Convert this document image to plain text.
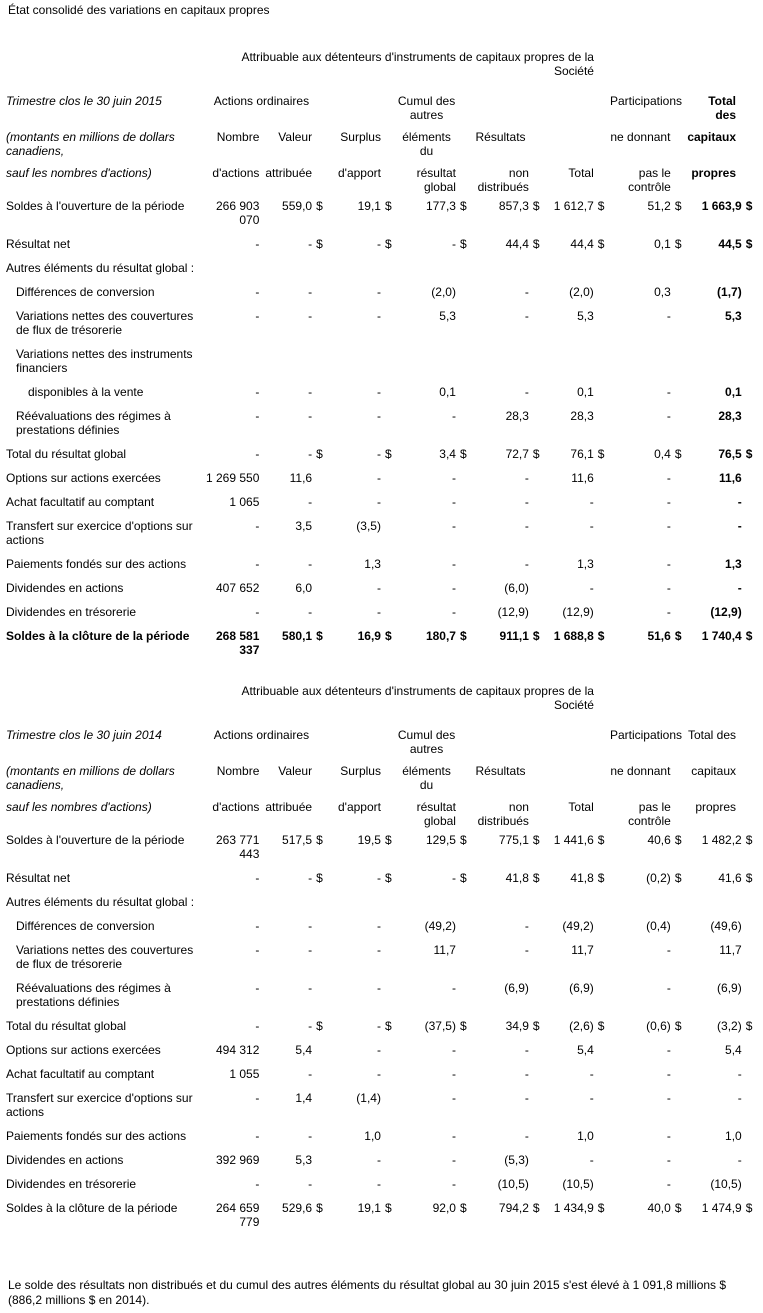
État consolidé des variations en capitaux propres
	Attribuable aux détenteurs d'instruments de capitaux propres de la Société														
Trimestre clos le 30 juin 2015	Actions ordinaires					Cumul des autres						Participations		Total des	
(montants en millions de dollars canadiens,	Nombre	Valeur		Surplus		éléments du		Résultats				ne donnant		capitaux	
sauf les nombres d'actions)	d'actions	attribuée		d'apport		résultat global		non distribués		Total		pas le contrôle		propres	
Soldes à l'ouverture de la période	266 903 070	559,0	$	19,1	$	177,3	$	857,3	$	1 612,7	$	51,2	$	1 663,9	$
Résultat net	-	-	$	-	$	-	$	44,4	$	44,4	$	0,1	$	44,5	$
Autres éléments du résultat global :															
Différences de conversion	-	-		-		(2,0)		-		(2,0)		0,3		(1,7)	
Variations nettes des couvertures de flux de trésorerie	-	-		-		5,3		-		5,3		-		5,3	
Variations nettes des instruments financiers															
disponibles à la vente	-	-		-		0,1		-		0,1		-		0,1	
Réévaluations des régimes à prestations définies	-	-		-		-		28,3		28,3		-		28,3	
Total du résultat global	-	-	$	-	$	3,4	$	72,7	$	76,1	$	0,4	$	76,5	$
Options sur actions exercées	1 269 550	11,6		-		-		-		11,6		-		11,6	
Achat facultatif au comptant	1 065	-		-		-		-		-		-		-	
Transfert sur exercice d'options sur actions	-	3,5		(3,5)		-		-		-		-		-	
Paiements fondés sur des actions	-	-		1,3		-		-		1,3		-		1,3	
Dividendes en actions	407 652	6,0		-		-		(6,0)		-		-		-	
Dividendes en trésorerie	-	-		-		-		(12,9)		(12,9)		-		(12,9)	
Soldes à la clôture de la période	268 581 337	580,1	$	16,9	$	180,7	$	911,1	$	1 688,8	$	51,6	$	1 740,4	$
	Attribuable aux détenteurs d'instruments de capitaux propres de la Société														
Trimestre clos le 30 juin 2014	Actions ordinaires					Cumul des autres						Participations		Total des	
(montants en millions de dollars canadiens,	Nombre	Valeur		Surplus		éléments du		Résultats				ne donnant		capitaux	
sauf les nombres d'actions)	d'actions	attribuée		d'apport		résultat global		non distribués		Total		pas le contrôle		propres	
Soldes à l'ouverture de la période	263 771 443	517,5	$	19,5	$	129,5	$	775,1	$	1 441,6	$	40,6	$	1 482,2	$
Résultat net	-	-	$	-	$	-	$	41,8	$	41,8	$	(0,2)	$	41,6	$
Autres éléments du résultat global :															
Différences de conversion	-	-		-		(49,2)		-		(49,2)		(0,4)		(49,6)	
Variations nettes des couvertures de flux de trésorerie	-	-		-		11,7		-		11,7		-		11,7	
Réévaluations des régimes à prestations définies	-	-		-		-		(6,9)		(6,9)		-		(6,9)	
Total du résultat global	-	-	$	-	$	(37,5)	$	34,9	$	(2,6)	$	(0,6)	$	(3,2)	$
Options sur actions exercées	494 312	5,4		-		-		-		5,4		-		5,4	
Achat facultatif au comptant	1 055	-		-		-		-		-		-		-	
Transfert sur exercice d'options sur actions	-	1,4		(1,4)		-		-		-		-		-	
Paiements fondés sur des actions	-	-		1,0		-		-		1,0		-		1,0	
Dividendes en actions	392 969	5,3		-		-		(5,3)		-		-		-	
Dividendes en trésorerie	-	-		-		-		(10,5)		(10,5)		-		(10,5)	
Soldes à la clôture de la période	264 659 779	529,6	$	19,1	$	92,0	$	794,2	$	1 434,9	$	40,0	$	1 474,9	$
Le solde des résultats non distribués et du cumul des autres éléments du résultat global au 30 juin 2015 s'est élevé à 1 091,8 millions $ (886,2 millions $ en 2014).
